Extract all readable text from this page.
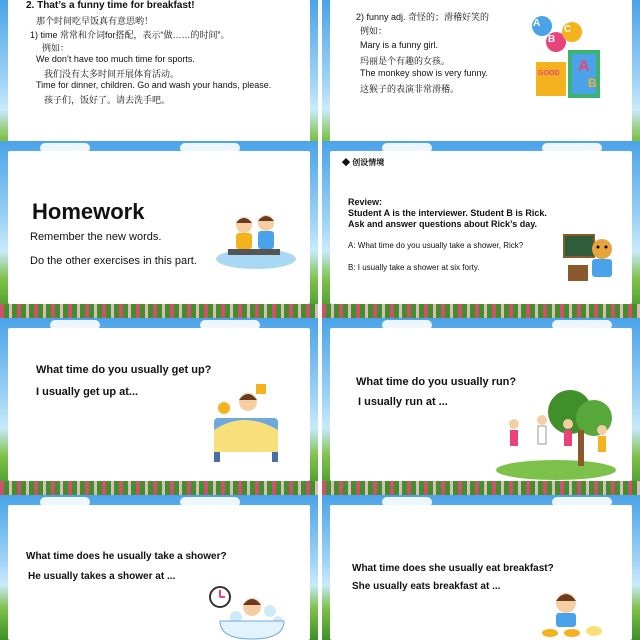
2. That’s a funny time for breakfast!
那个时间吃早饭真有意思哟！
1) time 常常和介词for搭配，表示“做……的时间”。
例如：
We don’t have too much time for sports.
我们没有太多时间开展体育活动。
Time for dinner, children. Go and wash your hands, please.
孩子们，饭好了。请去洗手吧。
2) funny adj. 奇怪的；滑稽好笑的
例如：
Mary is a funny girl.
玛丽是个有趣的女孩。
The monkey show is very funny.
这猴子的表演非常滑稽。
A
B
C
A
B
GOOD
Homework
Remember the new words.
Do the other exercises in this part.
◆ 创设情境
Review:
Student A is the interviewer. Student B is Rick.
Ask and answer questions about Rick’s day.
A: What time do you usually take a shower, Rick?
B: I usually take a shower at six forty.
What time do you usually get up?
I usually get up at...
What time do you usually run?
I usually run at ...
What time does he usually take a shower?
He usually takes a shower at ...
What time does she usually eat breakfast?
She usually eats breakfast at ...
